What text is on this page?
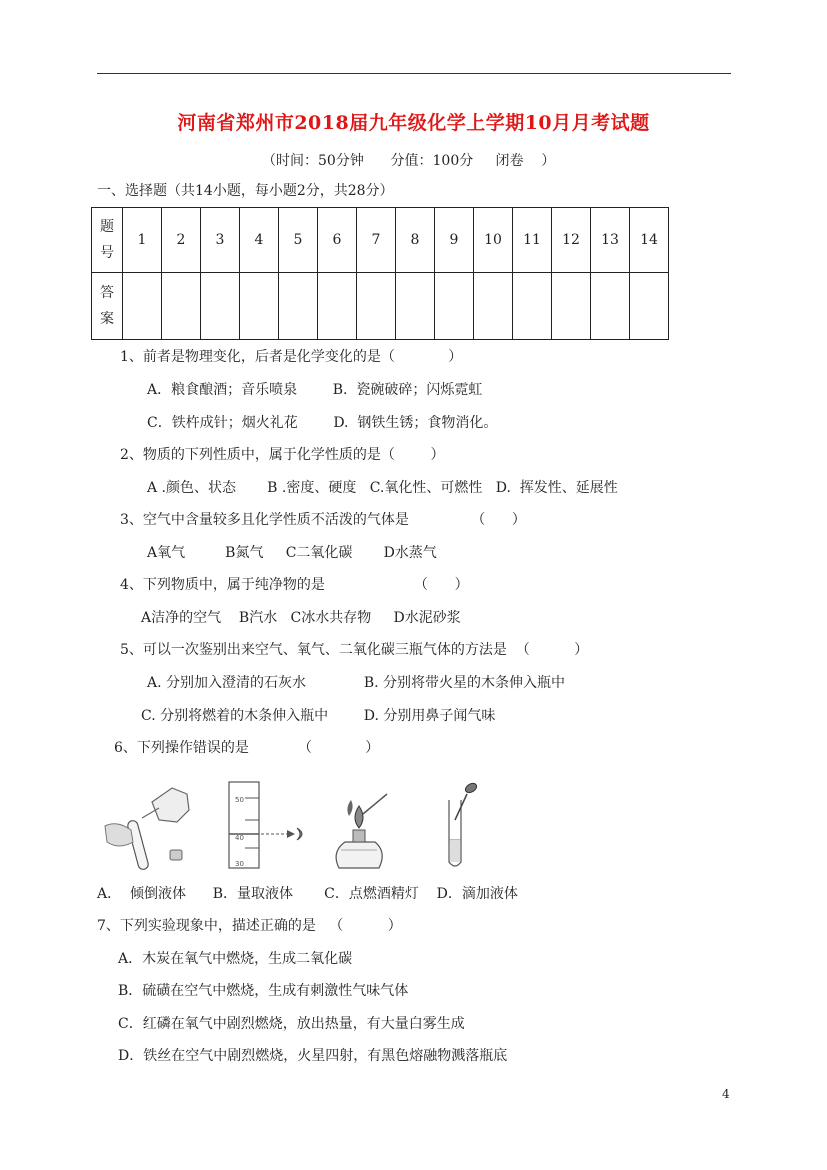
河南省郑州市2018届九年级化学上学期10月月考试题
（时间：50分钟      分值：100分     闭卷    ）
一、选择题（共14小题，每小题2分，共28分）
题
号	1	2	3	4	5	6	7	8	9	10	11	12	13	14

答
案														

1、前者是物理变化，后者是化学变化的是（            ）
A．粮食酿酒；音乐喷泉        B.  瓷碗破碎；闪烁霓虹
C．铁杵成针；烟火礼花        D.  钢铁生锈；食物消化。
2、物质的下列性质中，属于化学性质的是（        ）
A .颜色、状态       B .密度、硬度   C.氧化性、可燃性   D.  挥发性、延展性
3、空气中含量较多且化学性质不活泼的气体是              （      ）
A氧气         B氮气     C二氧化碳       D水蒸气
4、下列物质中，属于纯净物的是                    （      ）
A洁净的空气    B汽水   C冰水共存物     D水泥砂浆
5、可以一次鉴别出来空气、氧气、二氧化碳三瓶气体的方法是  （          ）
A. 分别加入澄清的石灰水             B. 分别将带火星的木条伸入瓶中
C. 分别将燃着的木条伸入瓶中        D. 分别用鼻子闻气味
6、下列操作错误的是           （            ）
50
40
30
A．  倾倒液体      B．量取液体       C．点燃酒精灯    D．滴加液体
7、下列实验现象中，描述正确的是   （          ）
A．木炭在氧气中燃烧，生成二氧化碳
B．硫磺在空气中燃烧，生成有刺激性气味气体
C．红磷在氧气中剧烈燃烧，放出热量，有大量白雾生成
D．铁丝在空气中剧烈燃烧，火星四射，有黑色熔融物溅落瓶底
4
